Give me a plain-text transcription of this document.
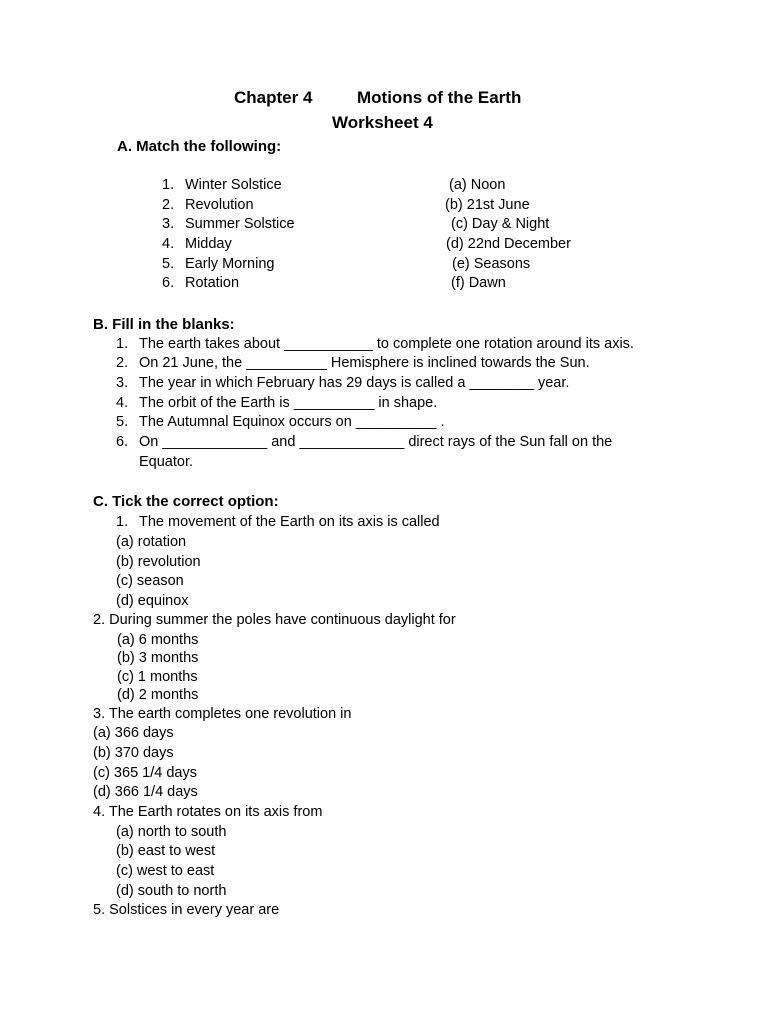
Chapter 4	Motions of the Earth
Worksheet 4
A. Match the following:
1. Winter Solstice	(a) Noon
2. Revolution	(b) 21st June
3. Summer Solstice	(c) Day & Night
4. Midday	(d) 22nd December
5. Early Morning	(e) Seasons
6. Rotation	(f) Dawn
B. Fill in the blanks:
1. The earth takes about ___________ to complete one rotation around its axis.
2. On 21 June, the __________ Hemisphere is inclined towards the Sun.
3. The year in which February has 29 days is called a ________ year.
4. The orbit of the Earth is __________ in shape.
5. The Autumnal Equinox occurs on __________ .
6. On _____________ and _____________ direct rays of the Sun fall on the
Equator.
C. Tick the correct option:
1. The movement of the Earth on its axis is called
(a) rotation
(b) revolution
(c) season
(d) equinox
2. During summer the poles have continuous daylight for
(a) 6 months
(b) 3 months
(c) 1 months
(d) 2 months
3. The earth completes one revolution in
(a) 366 days
(b) 370 days
(c) 365 1/4 days
(d) 366 1/4 days
4. The Earth rotates on its axis from
(a) north to south
(b) east to west
(c) west to east
(d) south to north
5. Solstices in every year are
